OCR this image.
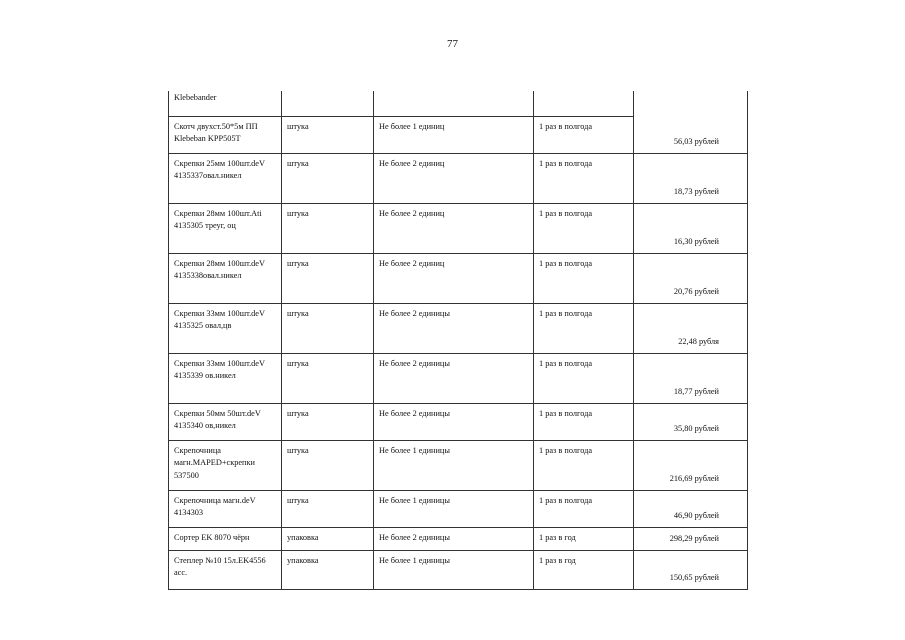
77
Klebebander				
Скотч двухст.50*5м ПП Klebeban KPP505T	штука	Не более 1 единиц	1 раз в полгода	56,03 рублей
Скрепки 25мм 100шт.deV 4135337овал.никел	штука	Не более 2 единиц	1 раз в полгода	18,73 рублей
Скрепки 28мм 100шт.Ati 4135305 треуг, оц	штука	Не более 2 единиц	1 раз в полгода	16,30 рублей
Скрепки 28мм 100шт.deV 4135338овал.никел	штука	Не более 2 единиц	1 раз в полгода	20,76 рублей
Скрепки 33мм 100шт.deV 4135325 овал,цв	штука	Не более 2 единицы	1 раз в полгода	22,48 рубля
Скрепки 33мм 100шт.deV 4135339 ов.никел	штука	Не более 2 единицы	1 раз в полгода	18,77 рублей
Скрепки 50мм 50шт.deV 4135340 ов,никел	штука	Не более 2 единицы	1 раз в полгода	35,80 рублей
Скрепочница магн.MAPED+скрепки 537500	штука	Не более 1 единицы	1 раз в полгода	216,69 рублей
Скрепочница магн.deV 4134303	штука	Не более 1 единицы	1 раз в полгода	46,90 рублей
Сортер EK 8070 чёрн	упаковка	Не более 2 единицы	1 раз в год	298,29 рублей
Степлер №10 15л.EK4556 асс.	упаковка	Не более 1 единицы	1 раз в год	150,65 рублей
